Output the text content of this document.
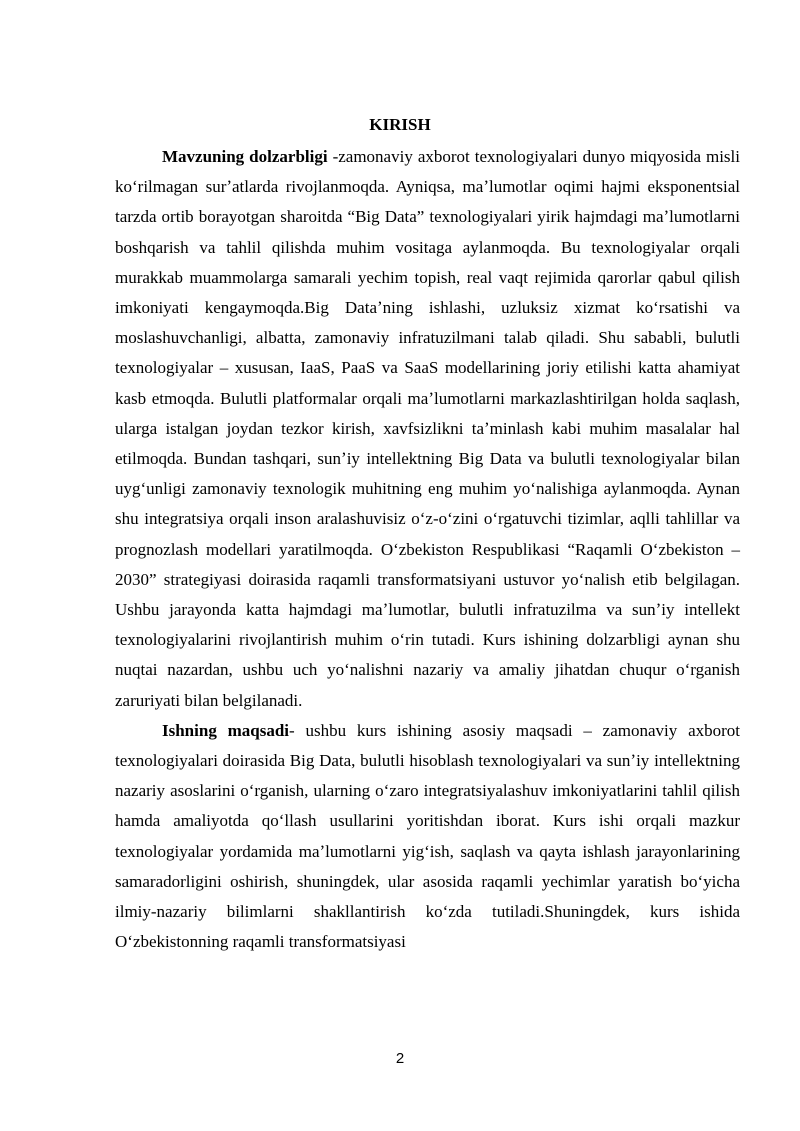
KIRISH

Mavzuning dolzarbligi -zamonaviy axborot texnologiyalari dunyo miqyosida misli koʻrilmagan surʼatlarda rivojlanmoqda. Ayniqsa, maʼlumotlar oqimi hajmi eksponentsial tarzda ortib borayotgan sharoitda “Big Data” texnologiyalari yirik hajmdagi maʼlumotlarni boshqarish va tahlil qilishda muhim vositaga aylanmoqda. Bu texnologiyalar orqali murakkab muammolarga samarali yechim topish, real vaqt rejimida qarorlar qabul qilish imkoniyati kengaymoqda.Big Dataʼning ishlashi, uzluksiz xizmat koʻrsatishi va moslashuvchanligi, albatta, zamonaviy infratuzilmani talab qiladi. Shu sababli, bulutli texnologiyalar – xususan, IaaS, PaaS va SaaS modellarining joriy etilishi katta ahamiyat kasb etmoqda. Bulutli platformalar orqali maʼlumotlarni markazlashtirilgan holda saqlash, ularga istalgan joydan tezkor kirish, xavfsizlikni taʼminlash kabi muhim masalalar hal etilmoqda. Bundan tashqari, sunʼiy intellektning Big Data va bulutli texnologiyalar bilan uygʻunligi zamonaviy texnologik muhitning eng muhim yoʻnalishiga aylanmoqda. Aynan shu integratsiya orqali inson aralashuvisiz oʻz-oʻzini oʻrgatuvchi tizimlar, aqlli tahlillar va prognozlash modellari yaratilmoqda. Oʻzbekiston Respublikasi “Raqamli Oʻzbekiston – 2030” strategiyasi doirasida raqamli transformatsiyani ustuvor yoʻnalish etib belgilagan. Ushbu jarayonda katta hajmdagi maʼlumotlar, bulutli infratuzilma va sunʼiy intellekt texnologiyalarini rivojlantirish muhim oʻrin tutadi. Kurs ishining dolzarbligi aynan shu nuqtai nazardan, ushbu uch yoʻnalishni nazariy va amaliy jihatdan chuqur oʻrganish zaruriyati bilan belgilanadi.

Ishning maqsadi- ushbu kurs ishining asosiy maqsadi – zamonaviy axborot texnologiyalari doirasida Big Data, bulutli hisoblash texnologiyalari va sunʼiy intellektning nazariy asoslarini oʻrganish, ularning oʻzaro integratsiyalashuv imkoniyatlarini tahlil qilish hamda amaliyotda qoʻllash usullarini yoritishdan iborat. Kurs ishi orqali mazkur texnologiyalar yordamida maʼlumotlarni yigʻish, saqlash va qayta ishlash jarayonlarining samaradorligini oshirish, shuningdek, ular asosida raqamli yechimlar yaratish boʻyicha ilmiy-nazariy bilimlarni shakllantirish koʻzda tutiladi.Shuningdek, kurs ishida Oʻzbekistonning raqamli transformatsiyasi

2
